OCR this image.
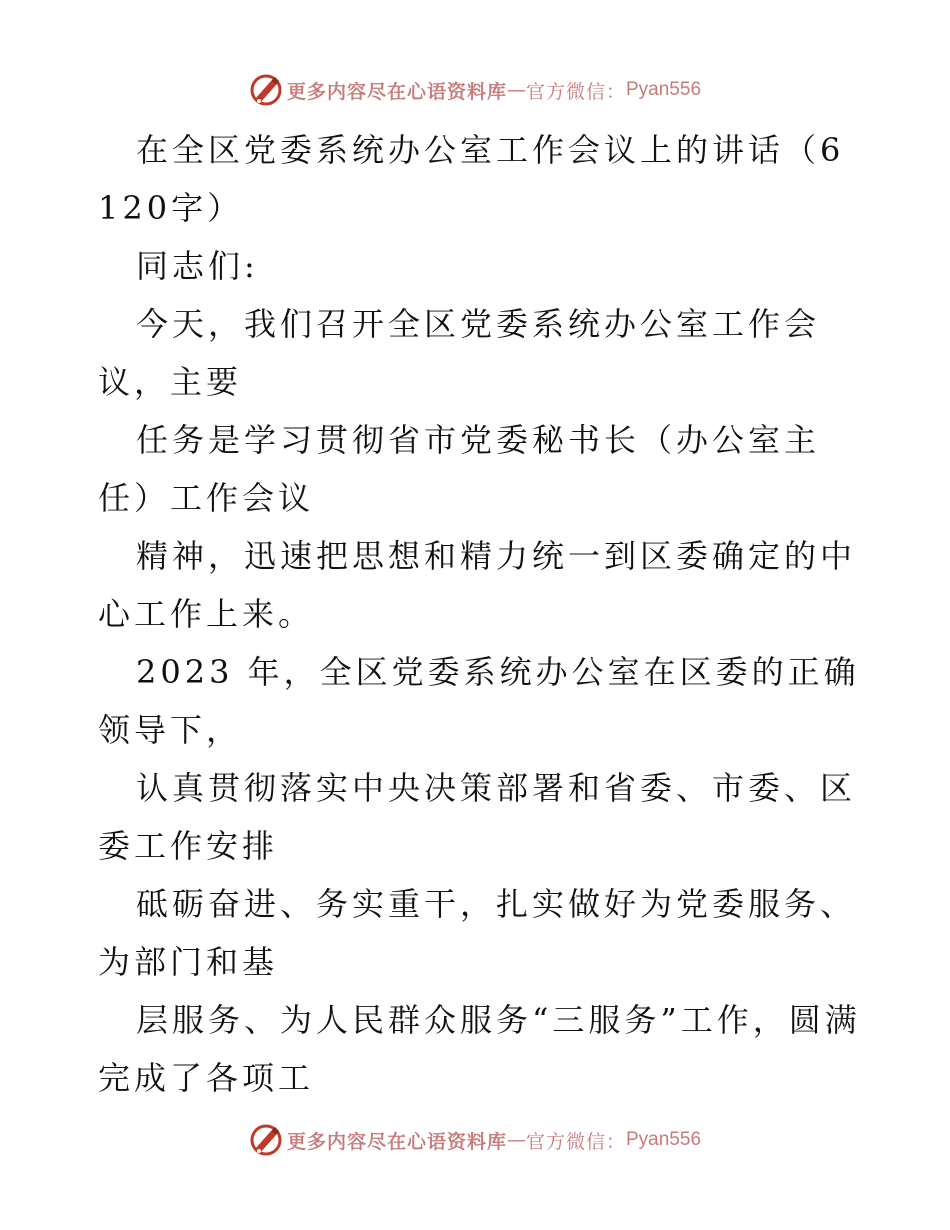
更多内容尽在心语资料库 — 官方微信： Pyan556

在全区党委系统办公室工作会议上的讲话（6120字）

同志们:

今天，我们召开全区党委系统办公室工作会议，主要

任务是学习贯彻省市党委秘书长（办公室主任）工作会议

精神，迅速把思想和精力统一到区委确定的中心工作上来。

2023 年，全区党委系统办公室在区委的正确领导下，

认真贯彻落实中央决策部署和省委、市委、区委工作安排

砥砺奋进、务实重干，扎实做好为党委服务、为部门和基

层服务、为人民群众服务“三服务”工作，圆满完成了各项工

更多内容尽在心语资料库 — 官方微信： Pyan556
